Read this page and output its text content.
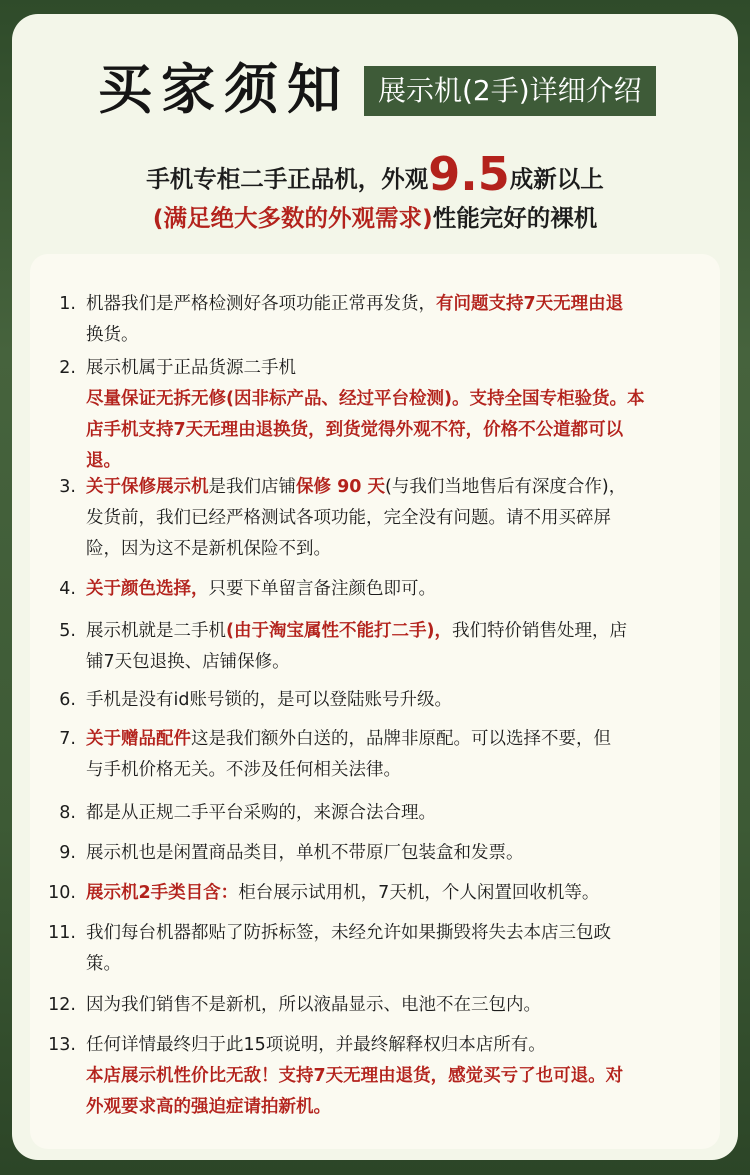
买家须知	展示机(2手)详细介绍
手机专柜二手正品机，外观9.5成新以上
(满足绝大多数的外观需求)性能完好的裸机
1. 机器我们是严格检测好各项功能正常再发货，有问题支持7天无理由退
换货。
2. 展示机属于正品货源二手机
尽量保证无拆无修(因非标产品、经过平台检测)。支持全国专柜验货。本
店手机支持7天无理由退换货，到货觉得外观不符，价格不公道都可以
退。
3. 关于保修展示机是我们店铺保修 90 天(与我们当地售后有深度合作)，
发货前，我们已经严格测试各项功能，完全没有问题。请不用买碎屏
险，因为这不是新机保险不到。
4. 关于颜色选择，只要下单留言备注颜色即可。
5. 展示机就是二手机(由于淘宝属性不能打二手)，我们特价销售处理，店
铺7天包退换、店铺保修。
6. 手机是没有id账号锁的，是可以登陆账号升级。
7. 关于赠品配件这是我们额外白送的，品牌非原配。可以选择不要，但
与手机价格无关。不涉及任何相关法律。
8. 都是从正规二手平台采购的，来源合法合理。
9. 展示机也是闲置商品类目，单机不带原厂包装盒和发票。
10. 展示机2手类目含：柜台展示试用机，7天机，个人闲置回收机等。
11. 我们每台机器都贴了防拆标签，未经允许如果撕毁将失去本店三包政
策。
12. 因为我们销售不是新机，所以液晶显示、电池不在三包内。
13. 任何详情最终归于此15项说明，并最终解释权归本店所有。
本店展示机性价比无敌！支持7天无理由退货，感觉买亏了也可退。对
外观要求高的强迫症请拍新机。
